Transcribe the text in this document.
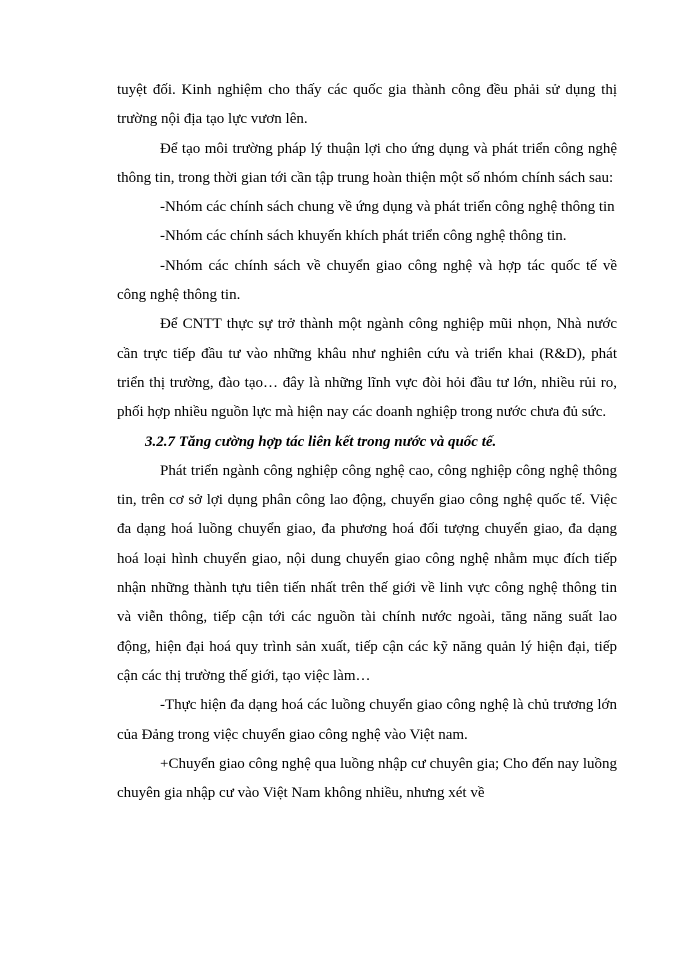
tuyệt đối. Kinh nghiệm cho thấy các quốc gia thành công đều phải sử dụng thị trường nội địa tạo lực vươn lên.

Để tạo môi trường pháp lý thuận lợi cho ứng dụng và phát triển công nghệ thông tin, trong thời gian tới cần tập trung hoàn thiện một số nhóm chính sách sau:

-Nhóm các chính sách chung về ứng dụng và phát triển công nghệ thông tin

-Nhóm các chính sách khuyến khích phát triển công nghệ thông tin.

-Nhóm các chính sách về chuyển giao công nghệ và hợp tác quốc tế về công nghệ thông tin.

Để CNTT thực sự trở thành một ngành công nghiệp mũi nhọn, Nhà nước cần trực tiếp đầu tư vào những khâu như nghiên cứu và triển khai (R&D), phát triển thị trường, đào tạo… đây là những lĩnh vực đòi hỏi đầu tư lớn, nhiều rủi ro, phối hợp nhiều nguồn lực mà hiện nay các doanh nghiệp trong nước chưa đủ sức.

3.2.7 Tăng cường hợp tác liên kết trong nước và quốc tế.

Phát triển ngành công nghiệp công nghệ cao, công nghiệp công nghệ thông tin, trên cơ sở lợi dụng phân công lao động, chuyển giao công nghệ quốc tế. Việc đa dạng hoá luồng chuyển giao, đa phương hoá đối tượng chuyển giao, đa dạng hoá loại hình chuyển giao, nội dung chuyển giao công nghệ nhằm mục đích tiếp nhận những thành tựu tiên tiến nhất trên thế giới về linh vực công nghệ thông tin và viễn thông, tiếp cận tới các nguồn tài chính nước ngoài, tăng năng suất lao động, hiện đại hoá quy trình sản xuất, tiếp cận các kỹ năng quản lý hiện đại, tiếp cận các thị trường thế giới, tạo việc làm…

-Thực hiện đa dạng hoá các luồng chuyển giao công nghệ là chủ trương lớn của Đảng trong việc chuyển giao công nghệ vào Việt nam.

+Chuyển giao công nghệ qua luồng nhập cư chuyên gia; Cho đến nay luồng chuyên gia nhập cư vào Việt Nam không nhiều, nhưng xét về
